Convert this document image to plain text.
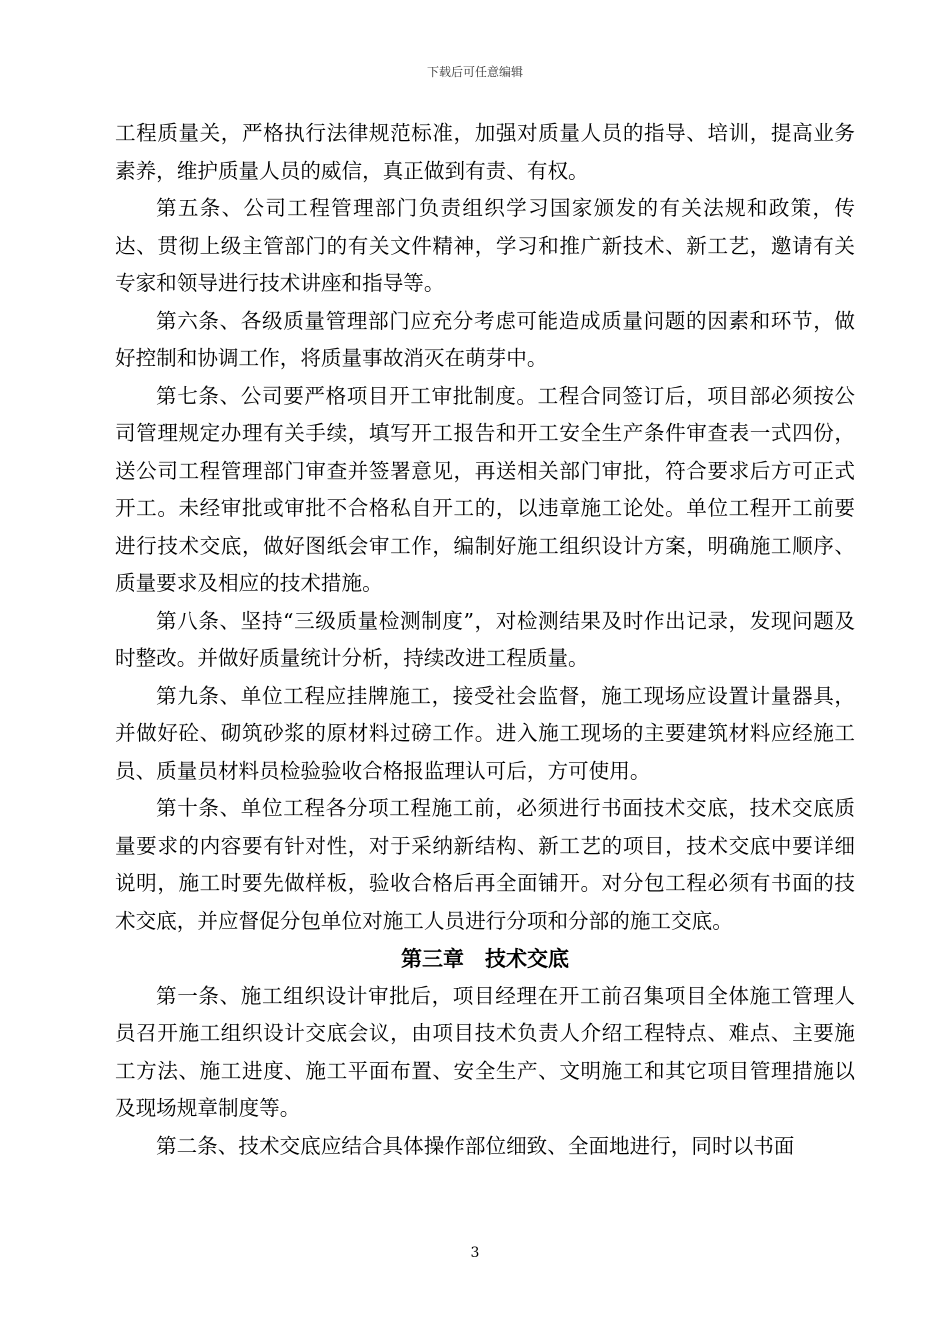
下载后可任意编辑

工程质量关，严格执行法律规范标准，加强对质量人员的指导、培训，提高业务素养，维护质量人员的威信，真正做到有责、有权。

第五条、公司工程管理部门负责组织学习国家颁发的有关法规和政策，传达、贯彻上级主管部门的有关文件精神，学习和推广新技术、新工艺，邀请有关专家和领导进行技术讲座和指导等。

第六条、各级质量管理部门应充分考虑可能造成质量问题的因素和环节，做好控制和协调工作，将质量事故消灭在萌芽中。

第七条、公司要严格项目开工审批制度。工程合同签订后，项目部必须按公司管理规定办理有关手续，填写开工报告和开工安全生产条件审查表一式四份，送公司工程管理部门审查并签署意见，再送相关部门审批，符合要求后方可正式开工。未经审批或审批不合格私自开工的，以违章施工论处。单位工程开工前要进行技术交底，做好图纸会审工作，编制好施工组织设计方案，明确施工顺序、质量要求及相应的技术措施。

第八条、坚持“三级质量检测制度”，对检测结果及时作出记录，发现问题及时整改。并做好质量统计分析，持续改进工程质量。

第九条、单位工程应挂牌施工，接受社会监督，施工现场应设置计量器具，并做好砼、砌筑砂浆的原材料过磅工作。进入施工现场的主要建筑材料应经施工员、质量员材料员检验验收合格报监理认可后，方可使用。

第十条、单位工程各分项工程施工前，必须进行书面技术交底，技术交底质量要求的内容要有针对性，对于采纳新结构、新工艺的项目，技术交底中要详细说明，施工时要先做样板，验收合格后再全面铺开。对分包工程必须有书面的技术交底，并应督促分包单位对施工人员进行分项和分部的施工交底。

第三章　技术交底

第一条、施工组织设计审批后，项目经理在开工前召集项目全体施工管理人员召开施工组织设计交底会议，由项目技术负责人介绍工程特点、难点、主要施工方法、施工进度、施工平面布置、安全生产、文明施工和其它项目管理措施以及现场规章制度等。

第二条、技术交底应结合具体操作部位细致、全面地进行，同时以书面

3
